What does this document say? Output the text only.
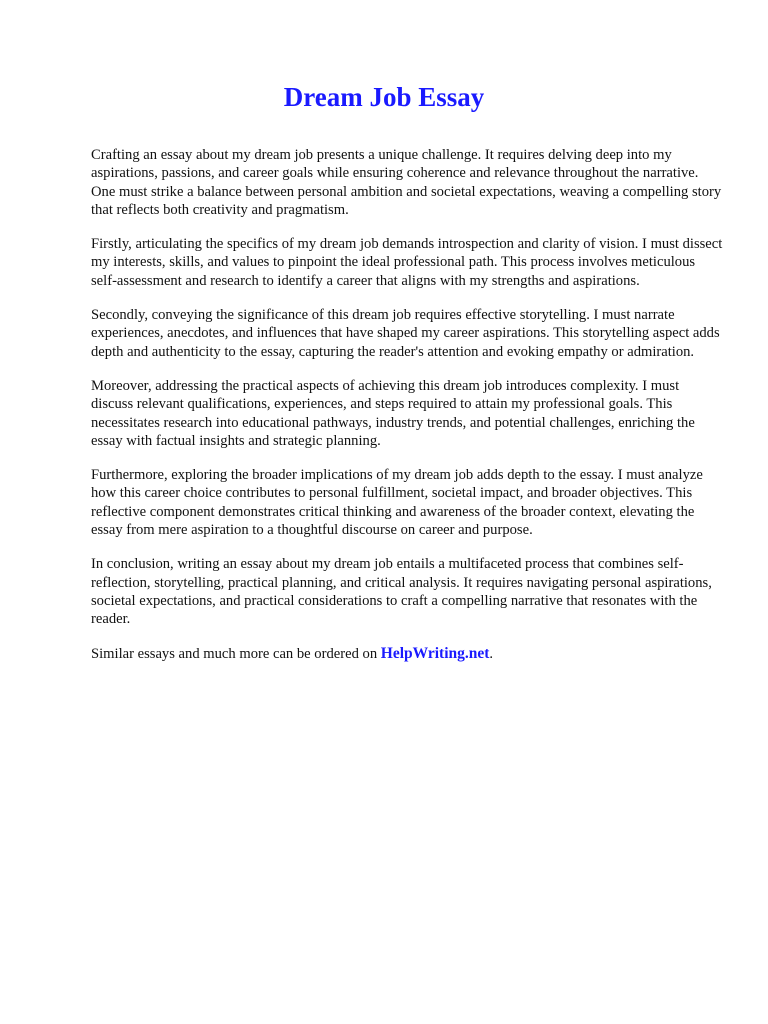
Dream Job Essay

Crafting an essay about my dream job presents a unique challenge. It requires delving deep into my aspirations, passions, and career goals while ensuring coherence and relevance throughout the narrative. One must strike a balance between personal ambition and societal expectations, weaving a compelling story that reflects both creativity and pragmatism.

Firstly, articulating the specifics of my dream job demands introspection and clarity of vision. I must dissect my interests, skills, and values to pinpoint the ideal professional path. This process involves meticulous self-assessment and research to identify a career that aligns with my strengths and aspirations.

Secondly, conveying the significance of this dream job requires effective storytelling. I must narrate experiences, anecdotes, and influences that have shaped my career aspirations. This storytelling aspect adds depth and authenticity to the essay, capturing the reader's attention and evoking empathy or admiration.

Moreover, addressing the practical aspects of achieving this dream job introduces complexity. I must discuss relevant qualifications, experiences, and steps required to attain my professional goals. This necessitates research into educational pathways, industry trends, and potential challenges, enriching the essay with factual insights and strategic planning.

Furthermore, exploring the broader implications of my dream job adds depth to the essay. I must analyze how this career choice contributes to personal fulfillment, societal impact, and broader objectives. This reflective component demonstrates critical thinking and awareness of the broader context, elevating the essay from mere aspiration to a thoughtful discourse on career and purpose.

In conclusion, writing an essay about my dream job entails a multifaceted process that combines self-reflection, storytelling, practical planning, and critical analysis. It requires navigating personal aspirations, societal expectations, and practical considerations to craft a compelling narrative that resonates with the reader.

Similar essays and much more can be ordered on HelpWriting.net.
